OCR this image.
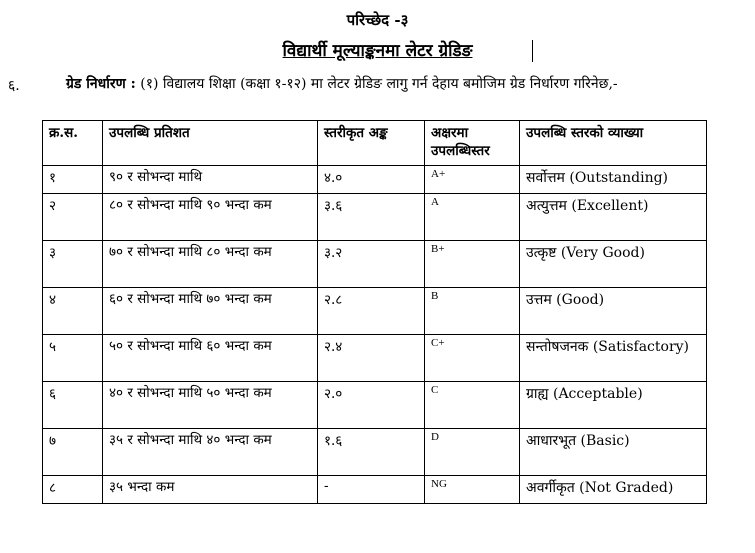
परिच्छेद -३
विद्यार्थी मूल्याङ्कनमा लेटर ग्रेडिङ
६.	ग्रेड निर्धारण : (१) विद्यालय शिक्षा (कक्षा १-१२) मा लेटर ग्रेडिङ लागु गर्न देहाय बमोजिम ग्रेड निर्धारण गरिनेछ,-
क्र.स.	उपलब्धि प्रतिशत	स्तरीकृत अङ्क	अक्षरमा उपलब्धिस्तर	उपलब्धि स्तरको व्याख्या
१	९० र सोभन्दा माथि	४.०	A+	सर्वोत्तम (Outstanding)
२	८० र सोभन्दा माथि ९० भन्दा कम	३.६	A	अत्युत्तम (Excellent)
३	७० र सोभन्दा माथि ८० भन्दा कम	३.२	B+	उत्कृष्ट (Very Good)
४	६० र सोभन्दा माथि ७० भन्दा कम	२.८	B	उत्तम (Good)
५	५० र सोभन्दा माथि ६० भन्दा कम	२.४	C+	सन्तोषजनक (Satisfactory)
६	४० र सोभन्दा माथि ५० भन्दा कम	२.०	C	ग्राह्य (Acceptable)
७	३५ र सोभन्दा माथि ४० भन्दा कम	१.६	D	आधारभूत (Basic)
८	३५ भन्दा कम	-	NG	अवर्गीकृत (Not Graded)
